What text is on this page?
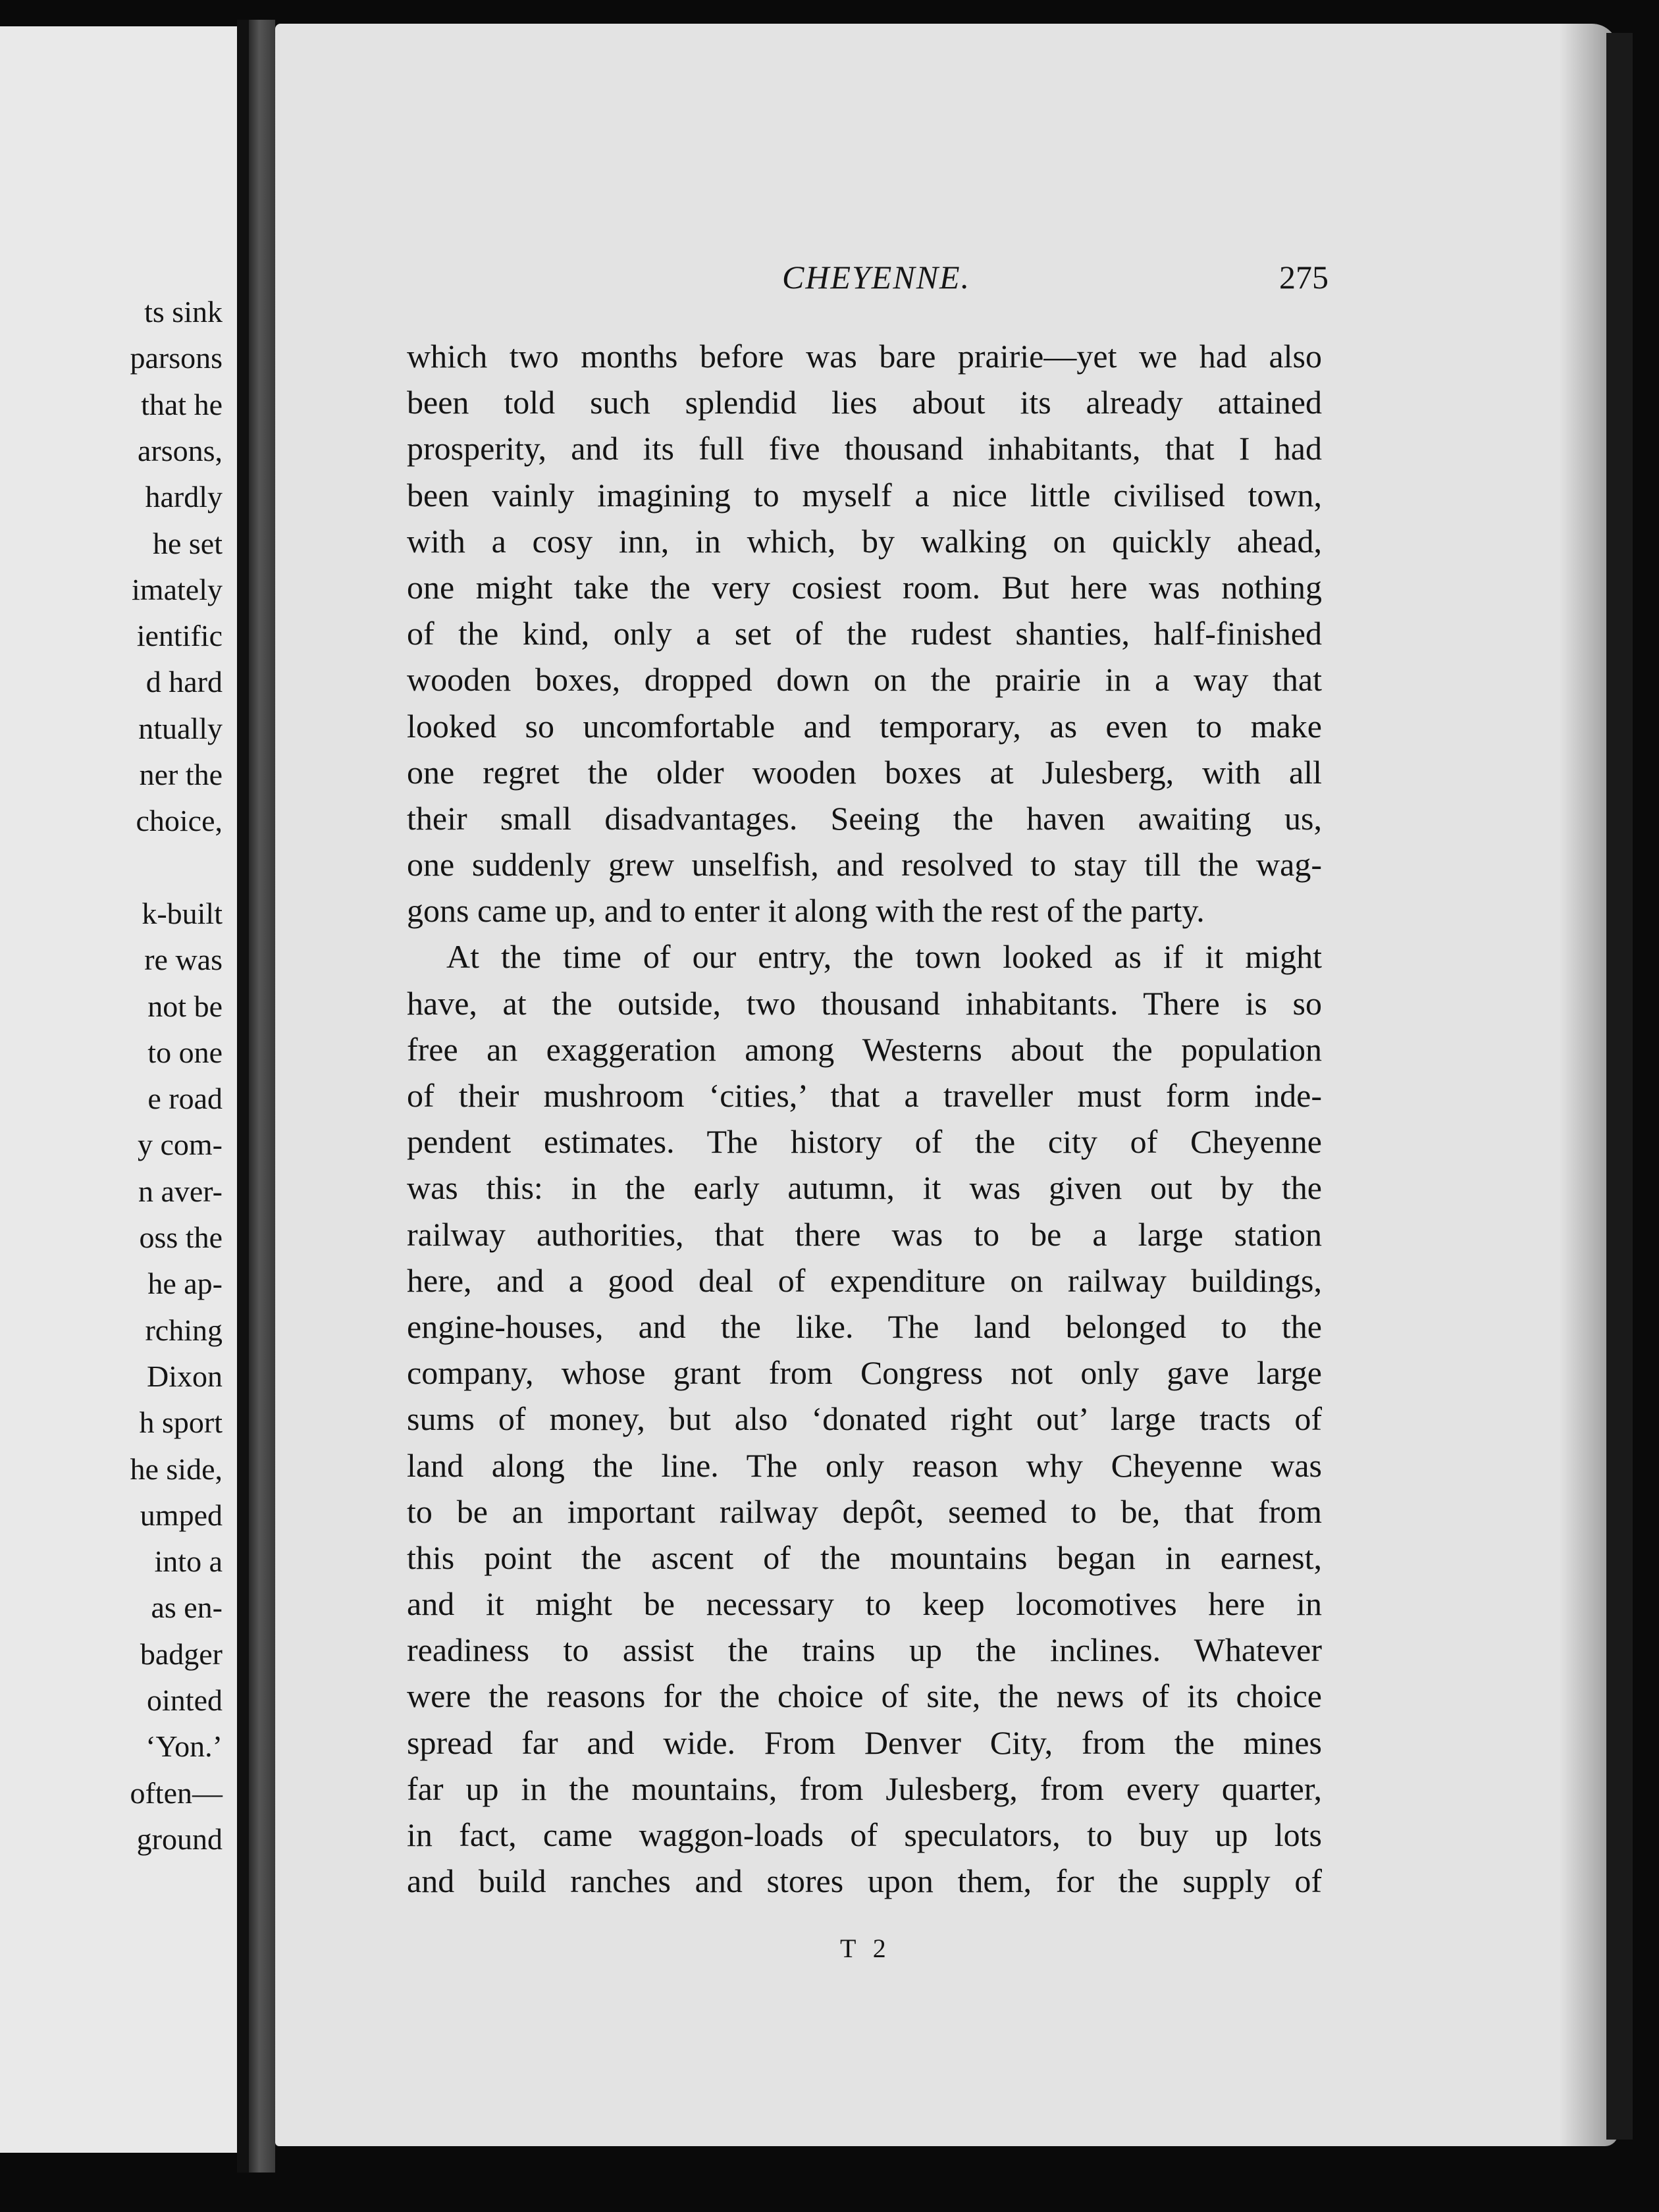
ts sink
parsons
that he
arsons,
hardly
he set
imately
ientific
d hard
ntually
ner the
choice,
k-built
re was
not be
to one
e road
y com-
n aver-
oss the
he ap-
rching
Dixon
h sport
he side,
umped
into a
as en-
badger
ointed
‘Yon.’
often—
ground
CHEYENNE.	275
which two months before was bare prairie—yet we had also
been told such splendid lies about its already attained
prosperity, and its full five thousand inhabitants, that I had
been vainly imagining to myself a nice little civilised town,
with a cosy inn, in which, by walking on quickly ahead,
one might take the very cosiest room. But here was nothing
of the kind, only a set of the rudest shanties, half-finished
wooden boxes, dropped down on the prairie in a way that
looked so uncomfortable and temporary, as even to make
one regret the older wooden boxes at Julesberg, with all
their small disadvantages. Seeing the haven awaiting us,
one suddenly grew unselfish, and resolved to stay till the wag-
gons came up, and to enter it along with the rest of the party.
At the time of our entry, the town looked as if it might
have, at the outside, two thousand inhabitants. There is so
free an exaggeration among Westerns about the population
of their mushroom ‘cities,’ that a traveller must form inde-
pendent estimates. The history of the city of Cheyenne
was this: in the early autumn, it was given out by the
railway authorities, that there was to be a large station
here, and a good deal of expenditure on railway buildings,
engine-houses, and the like. The land belonged to the
company, whose grant from Congress not only gave large
sums of money, but also ‘donated right out’ large tracts of
land along the line. The only reason why Cheyenne was
to be an important railway depôt, seemed to be, that from
this point the ascent of the mountains began in earnest,
and it might be necessary to keep locomotives here in
readiness to assist the trains up the inclines. Whatever
were the reasons for the choice of site, the news of its choice
spread far and wide. From Denver City, from the mines
far up in the mountains, from Julesberg, from every quarter,
in fact, came waggon-loads of speculators, to buy up lots
and build ranches and stores upon them, for the supply of
T 2
